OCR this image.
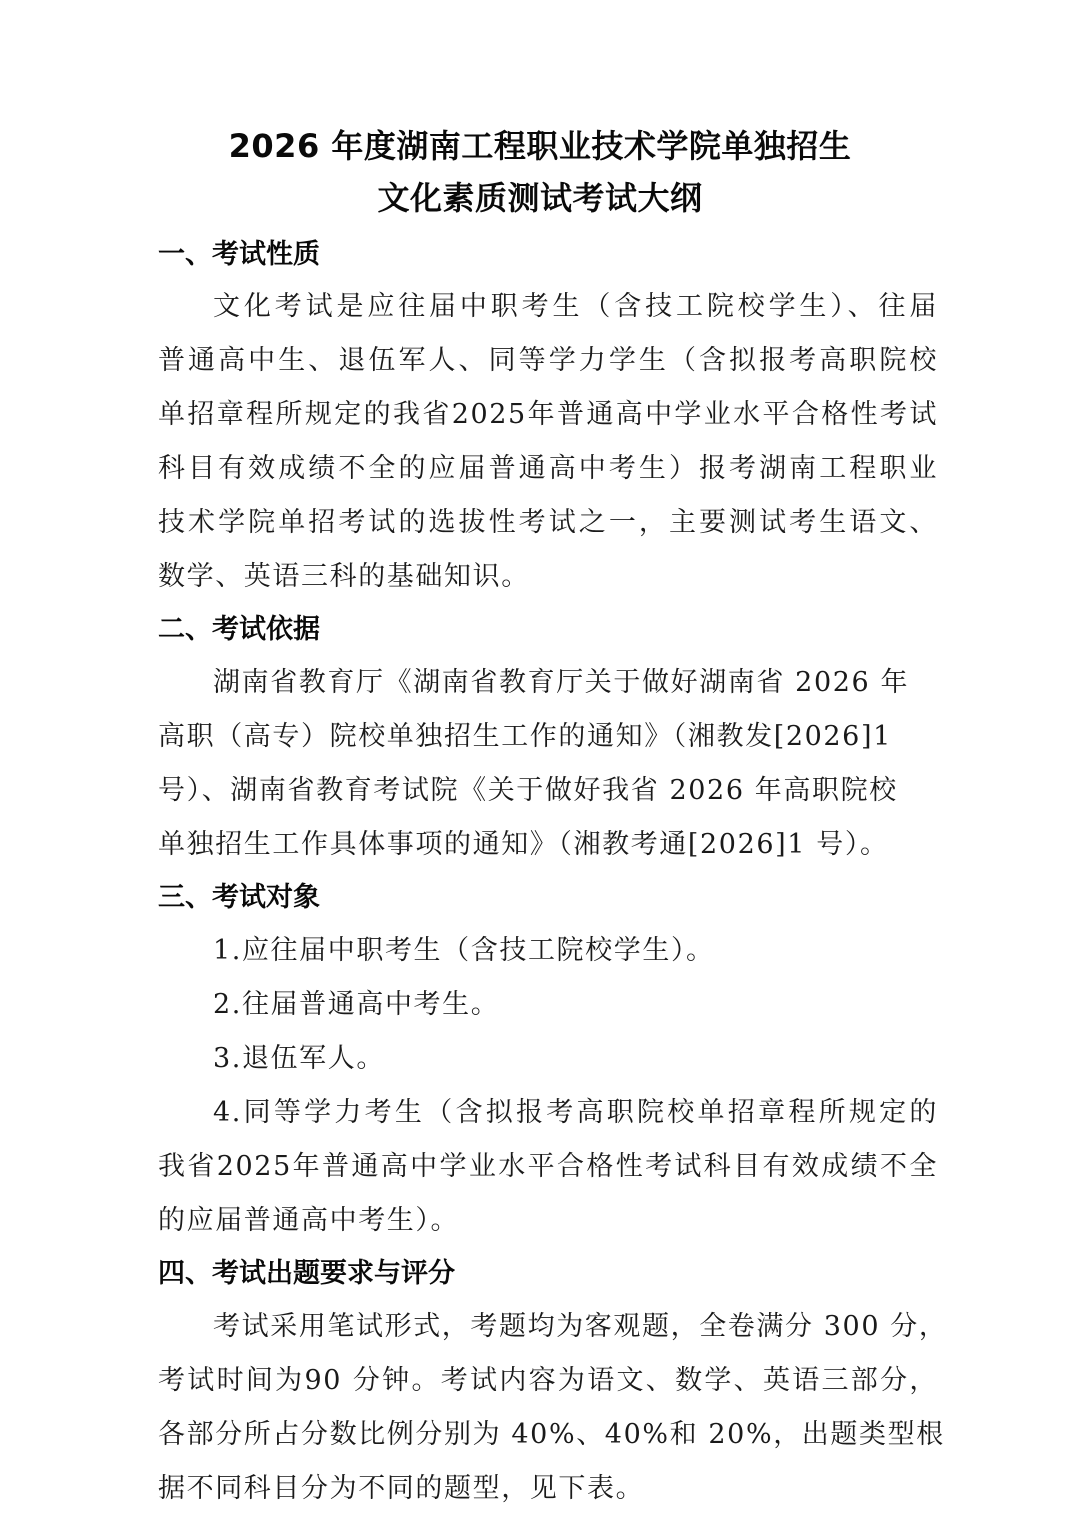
2026 年度湖南工程职业技术学院单独招生
文化素质测试考试大纲
一、考试性质
文化考试是应往届中职考生（含技工院校学生）、往届
普通高中生、退伍军人、同等学力学生（含拟报考高职院校
单招章程所规定的我省2025年普通高中学业水平合格性考试
科目有效成绩不全的应届普通高中考生）报考湖南工程职业
技术学院单招考试的选拔性考试之一，主要测试考生语文、
数学、英语三科的基础知识。
二、考试依据
湖南省教育厅《湖南省教育厅关于做好湖南省 2026 年
高职（高专）院校单独招生工作的通知》（湘教发[2026]1
号）、湖南省教育考试院《关于做好我省 2026 年高职院校
单独招生工作具体事项的通知》（湘教考通[2026]1 号）。
三、考试对象
1.应往届中职考生（含技工院校学生）。
2.往届普通高中考生。
3.退伍军人。
4.同等学力考生（含拟报考高职院校单招章程所规定的
我省2025年普通高中学业水平合格性考试科目有效成绩不全
的应届普通高中考生）。
四、考试出题要求与评分
考试采用笔试形式，考题均为客观题，全卷满分 300 分，
考试时间为90 分钟。考试内容为语文、数学、英语三部分，
各部分所占分数比例分别为 40%、40%和 20%，出题类型根
据不同科目分为不同的题型，见下表。
